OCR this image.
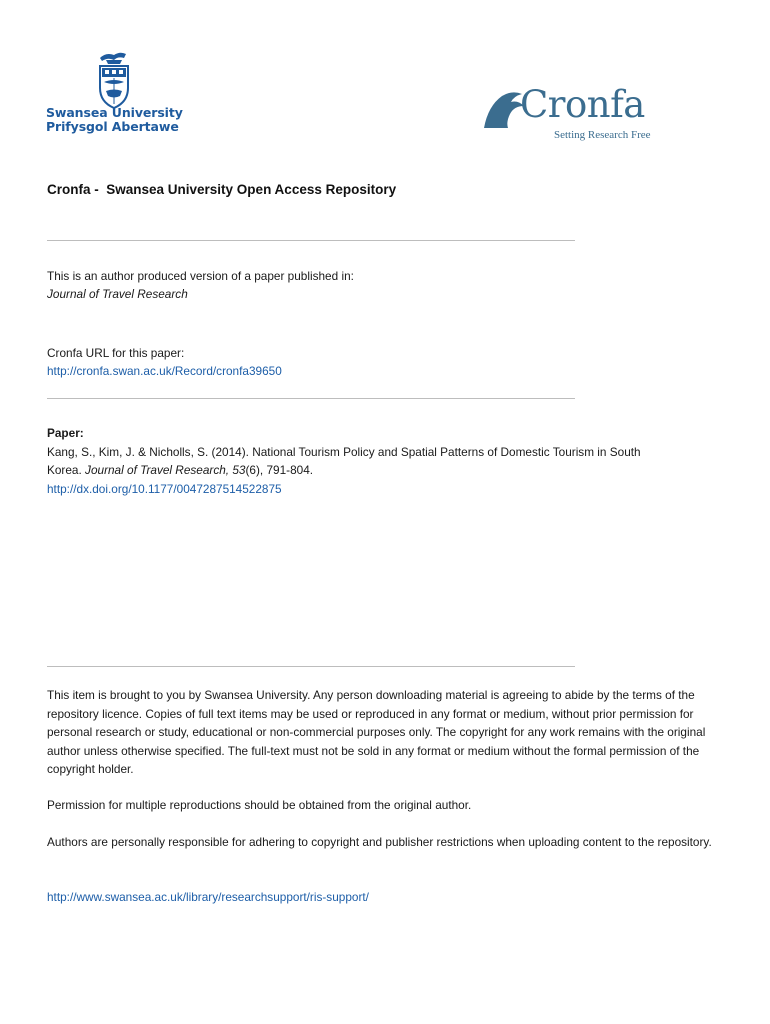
Swansea University
Prifysgol Abertawe
Cronfa
Setting Research Free
Cronfa -  Swansea University Open Access Repository
This is an author produced version of a paper published in:
Journal of Travel Research
Cronfa URL for this paper:
http://cronfa.swan.ac.uk/Record/cronfa39650
Paper:
Kang, S., Kim, J. & Nicholls, S. (2014). National Tourism Policy and Spatial Patterns of Domestic Tourism in South
Korea. Journal of Travel Research, 53(6), 791-804.
http://dx.doi.org/10.1177/0047287514522875
This item is brought to you by Swansea University. Any person downloading material is agreeing to abide by the terms of the repository licence. Copies of full text items may be used or reproduced in any format or medium, without prior permission for personal research or study, educational or non-commercial purposes only. The copyright for any work remains with the original author unless otherwise specified. The full-text must not be sold in any format or medium without the formal permission of the copyright holder.
Permission for multiple reproductions should be obtained from the original author.
Authors are personally responsible for adhering to copyright and publisher restrictions when uploading content to the repository.
http://www.swansea.ac.uk/library/researchsupport/ris-support/
